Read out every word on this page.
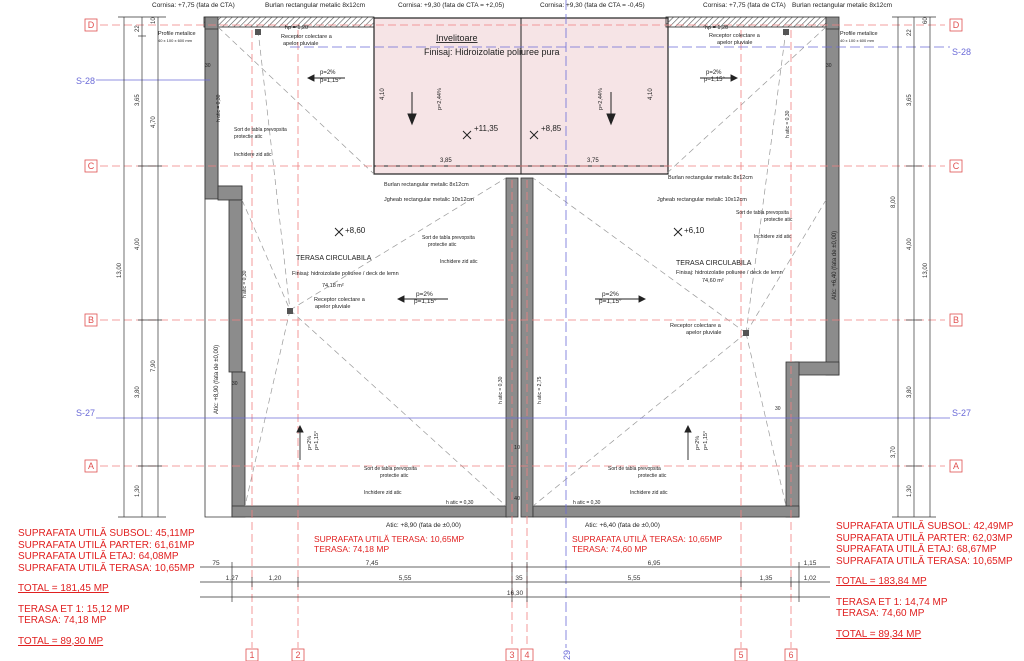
D	D
C	C
B	B
A	A
1	2	3 4	5	6
S-28
S-28
S-27	S-27
29
22
3,65
4,70
13,00
4,00
7,90
3,80
1,30
10
22
3,65
8,00
13,00
4,00
3,80
3,70
1,30
60
75	7,45	6,95	1,15
1,27	1,20	5,55	35	5,55	1,35	1,02
16,30
Cornisa: +7,75 (fata de CTA)	Burlan rectangular metalic 8x12cm	Cornisa: +9,30 (fata de CTA = +2,05)	Cornisa: +9,30 (fata de CTA = -0,45)	Cornisa: +7,75 (fata de CTA) Burlan rectangular metalic 8x12cm
Profile metalice
40 x 100 x 600 mm
Profile metalice
40 x 100 x 600 mm
Receptor colectare a
apelor pluviale
Receptor colectare a
apelor pluviale
hp = 1,20	hp = 1,20
Invelitoare
Finisaj: Hidroizolatie poliuree pura
+11,35	+8,85
p=2,44%	p=2,44%
3,85	3,75
4,10	4,10
Burlan rectangular metalic 8x12cm
Burlan rectangular metalic 8x12cm
Jgheab rectangular metalic 10x12cm	Jgheab rectangular metalic 10x12cm
TERASA CIRCULABILA
Finisaj: hidroizolatie poliuree / deck de lemn
74,18 m²
+8,60
p=2%
p=1,15°
p=2%
p=1,15°
p=2% p=1,15°
Receptor colectare a
apelor pluviale
Sort de tabla prevopsita
protectie atic
Inchidere zid atic
Sort de tabla prevopsita
protectie atic
Inchidere zid atic
Sort de tabla prevopsita
protectie atic
Inchidere zid atic
h atic = 0,30
h atic = 0,30
h atic = 0,30
h atic = 0,30
Atic: +8,90 (fata de ±0,00)
Atic: +8,90 (fata de ±0,00)
30
30
TERASA CIRCULABILA
Finisaj: hidroizolatie poliuree / deck de lemn
74,60 m²
+6,10
p=2%
p=1,15°
p=2%
p=1,15°
p=2% p=1,15°
Receptor colectare a
apelor pluviale
Sort de tabla prevopsita
protectie atic
Inchidere zid atic
Sort de tabla prevopsita
protectie atic
Inchidere zid atic
h atic = 0,30
h atic = 0,30
h atic = 2,75
Atic: +6,40 (fata de ±0,00)
Atic: +6,40 (fata de ±0,00)
30
30
10
40
SUPRAFATA UTILĂ TERASA: 10,65MP
TERASA: 74,18 MP
SUPRAFATA UTILĂ TERASA: 10,65MP
TERASA: 74,60 MP
SUPRAFATA UTILĂ SUBSOL: 45,11MP
SUPRAFATA UTILĂ PARTER: 61,61MP
SUPRAFATA UTILĂ ETAJ: 64,08MP
SUPRAFATA UTILĂ TERASA: 10,65MP
TOTAL = 181,45 MP
TERASA ET 1: 15,12 MP
TERASA: 74,18 MP
TOTAL = 89,30 MP
SUPRAFATA UTILĂ SUBSOL: 42,49MP
SUPRAFATA UTILĂ PARTER: 62,03MP
SUPRAFATA UTILĂ ETAJ: 68,67MP
SUPRAFATA UTILĂ TERASA: 10,65MP
TOTAL = 183,84 MP
TERASA ET 1: 14,74 MP
TERASA: 74,60 MP
TOTAL = 89,34 MP
